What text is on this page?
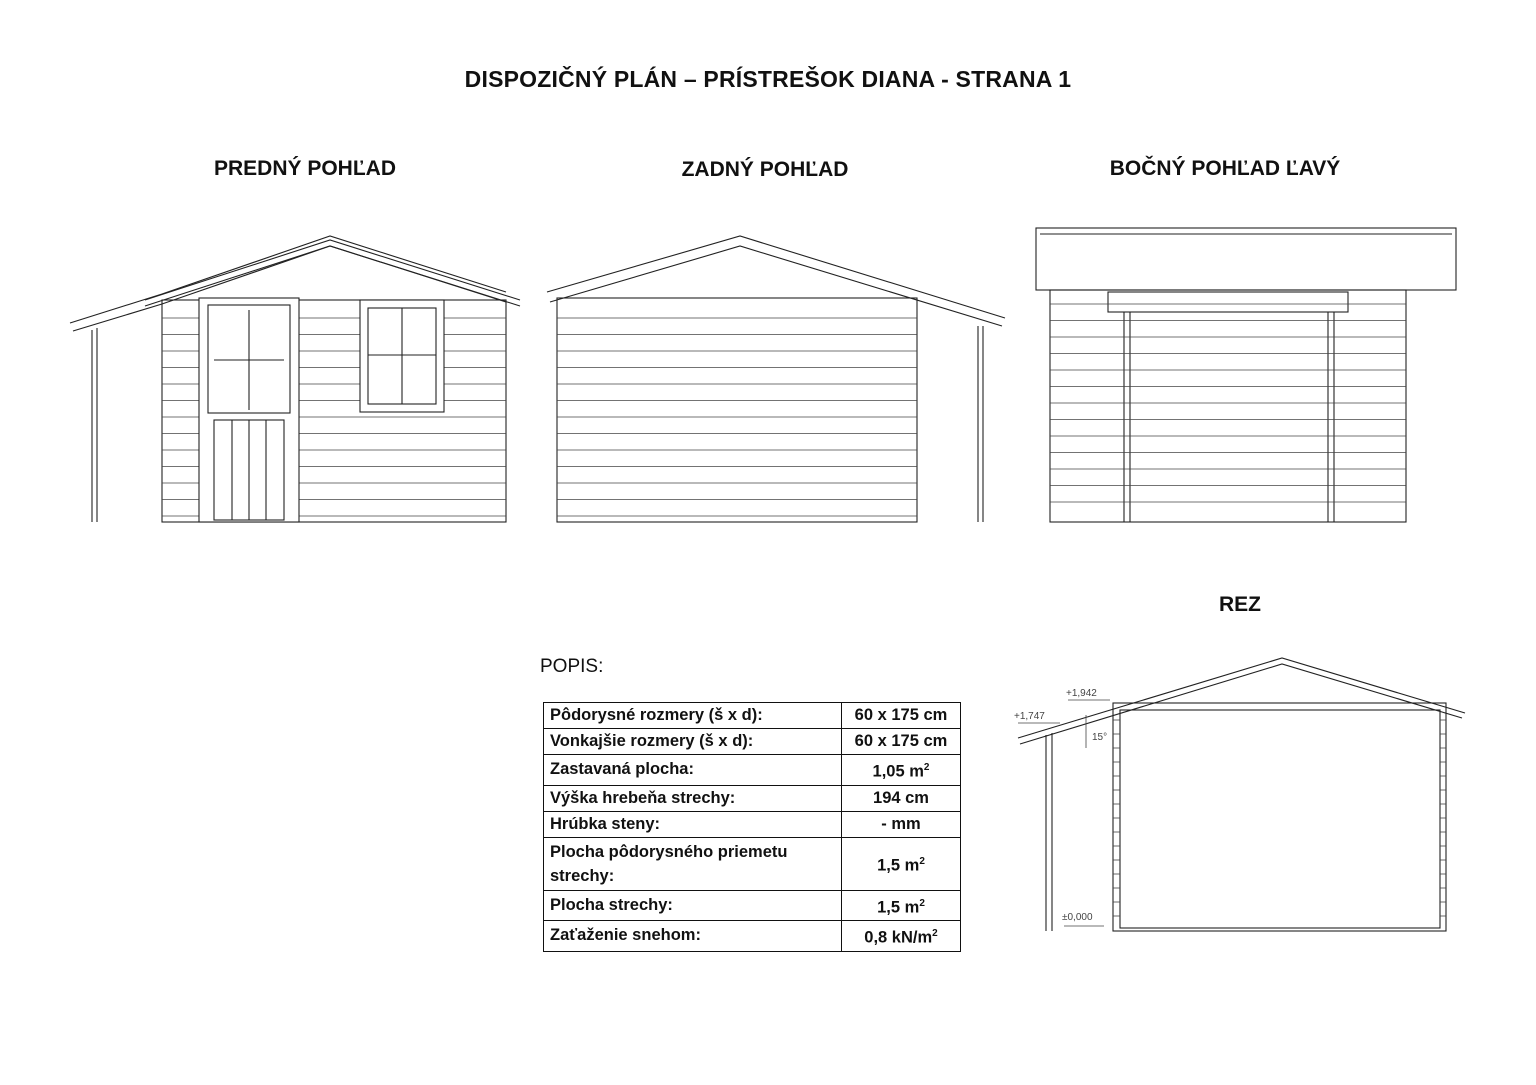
DISPOZIČNÝ PLÁN – PRÍSTREŠOK DIANA - STRANA 1
PREDNÝ POHĽAD	ZADNÝ POHĽAD	BOČNÝ POHĽAD ĽAVÝ
REZ
+1,747
+1,942
15°
±0,000
POPIS:
Pôdorysné rozmery (š x d):	60 x 175 cm
Vonkajšie rozmery (š x d):	60 x 175 cm
Zastavaná plocha:	1,05 $m^2$
Výška hrebeňa strechy:	194 cm
Hrúbka steny:	- mm
Plocha pôdorysného priemetu strechy:	1,5 $m^2$
Plocha strechy:	1,5 $m^2$
Zaťaženie snehom:	0,8 $kN/m^2$
